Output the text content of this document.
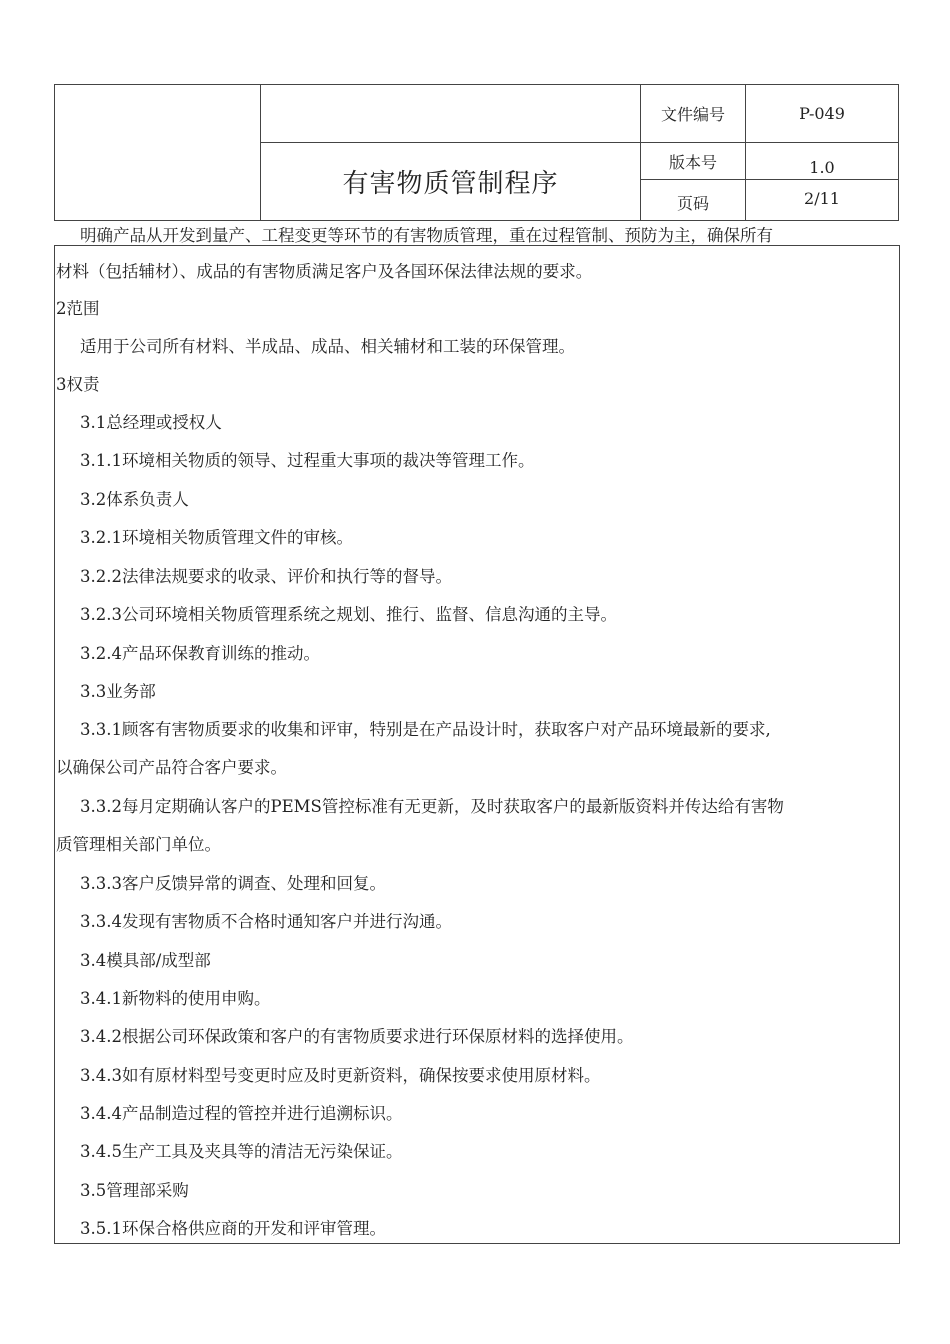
有害物质管制程序
文件编号	P-049
版本号	1.0
页码	2/11
明确产品从开发到量产、工程变更等环节的有害物质管理，重在过程管制、预防为主，确保所有
材料（包括辅材）、成品的有害物质满足客户及各国环保法律法规的要求。
2范围
适用于公司所有材料、半成品、成品、相关辅材和工装的环保管理。
3权责
3.1总经理或授权人
3.1.1环境相关物质的领导、过程重大事项的裁决等管理工作。
3.2体系负责人
3.2.1环境相关物质管理文件的审核。
3.2.2法律法规要求的收录、评价和执行等的督导。
3.2.3公司环境相关物质管理系统之规划、推行、监督、信息沟通的主导。
3.2.4产品环保教育训练的推动。
3.3业务部
3.3.1顾客有害物质要求的收集和评审，特别是在产品设计时，获取客户对产品环境最新的要求,
以确保公司产品符合客户要求。
3.3.2每月定期确认客户的PEMS管控标准有无更新，及时获取客户的最新版资料并传达给有害物
质管理相关部门单位。
3.3.3客户反馈异常的调查、处理和回复。
3.3.4发现有害物质不合格时通知客户并进行沟通。
3.4模具部/成型部
3.4.1新物料的使用申购。
3.4.2根据公司环保政策和客户的有害物质要求进行环保原材料的选择使用。
3.4.3如有原材料型号变更时应及时更新资料，确保按要求使用原材料。
3.4.4产品制造过程的管控并进行追溯标识。
3.4.5生产工具及夹具等的清洁无污染保证。
3.5管理部采购
3.5.1环保合格供应商的开发和评审管理。
